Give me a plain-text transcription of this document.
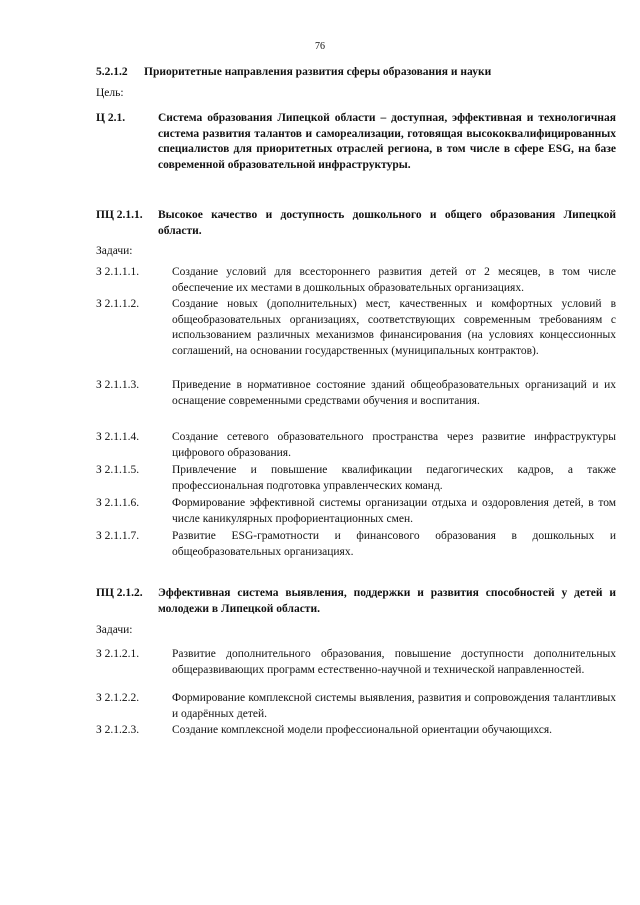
76
5.2.1.2 Приоритетные направления развития сферы образования и науки
Цель:
Ц 2.1.	Система образования Липецкой области – доступная, эффективная и технологичная система развития талантов и самореализации, готовящая высококвалифицированных специалистов для приоритетных отраслей региона, в том числе в сфере ESG, на базе современной образовательной инфраструктуры.
ПЦ 2.1.1. Высокое качество и доступность дошкольного и общего образования Липецкой области.
Задачи:
З 2.1.1.1.	Создание условий для всестороннего развития детей от 2 месяцев, в том числе обеспечение их местами в дошкольных образовательных организациях.
З 2.1.1.2.	Создание новых (дополнительных) мест, качественных и комфортных условий в общеобразовательных организациях, соответствующих современным требованиям с использованием различных механизмов финансирования (на условиях концессионных соглашений, на основании государственных (муниципальных контрактов).
З 2.1.1.3.	Приведение в нормативное состояние зданий общеобразовательных организаций и их оснащение современными средствами обучения и воспитания.
З 2.1.1.4.	Создание сетевого образовательного пространства через развитие инфраструктуры цифрового образования.
З 2.1.1.5.	Привлечение и повышение квалификации педагогических кадров, а также профессиональная подготовка управленческих команд.
З 2.1.1.6.	Формирование эффективной системы организации отдыха и оздоровления детей, в том числе каникулярных профориентационных смен.
З 2.1.1.7.	Развитие ESG-грамотности и финансового образования в дошкольных и общеобразовательных организациях.
ПЦ 2.1.2. Эффективная система выявления, поддержки и развития способностей у детей и молодежи в Липецкой области.
Задачи:
З 2.1.2.1.	Развитие дополнительного образования, повышение доступности дополнительных общеразвивающих программ естественно-научной и технической направленностей.
З 2.1.2.2.	Формирование комплексной системы выявления, развития и сопровождения талантливых и одарённых детей.
З 2.1.2.3.	Создание комплексной модели профессиональной ориентации обучающихся.
